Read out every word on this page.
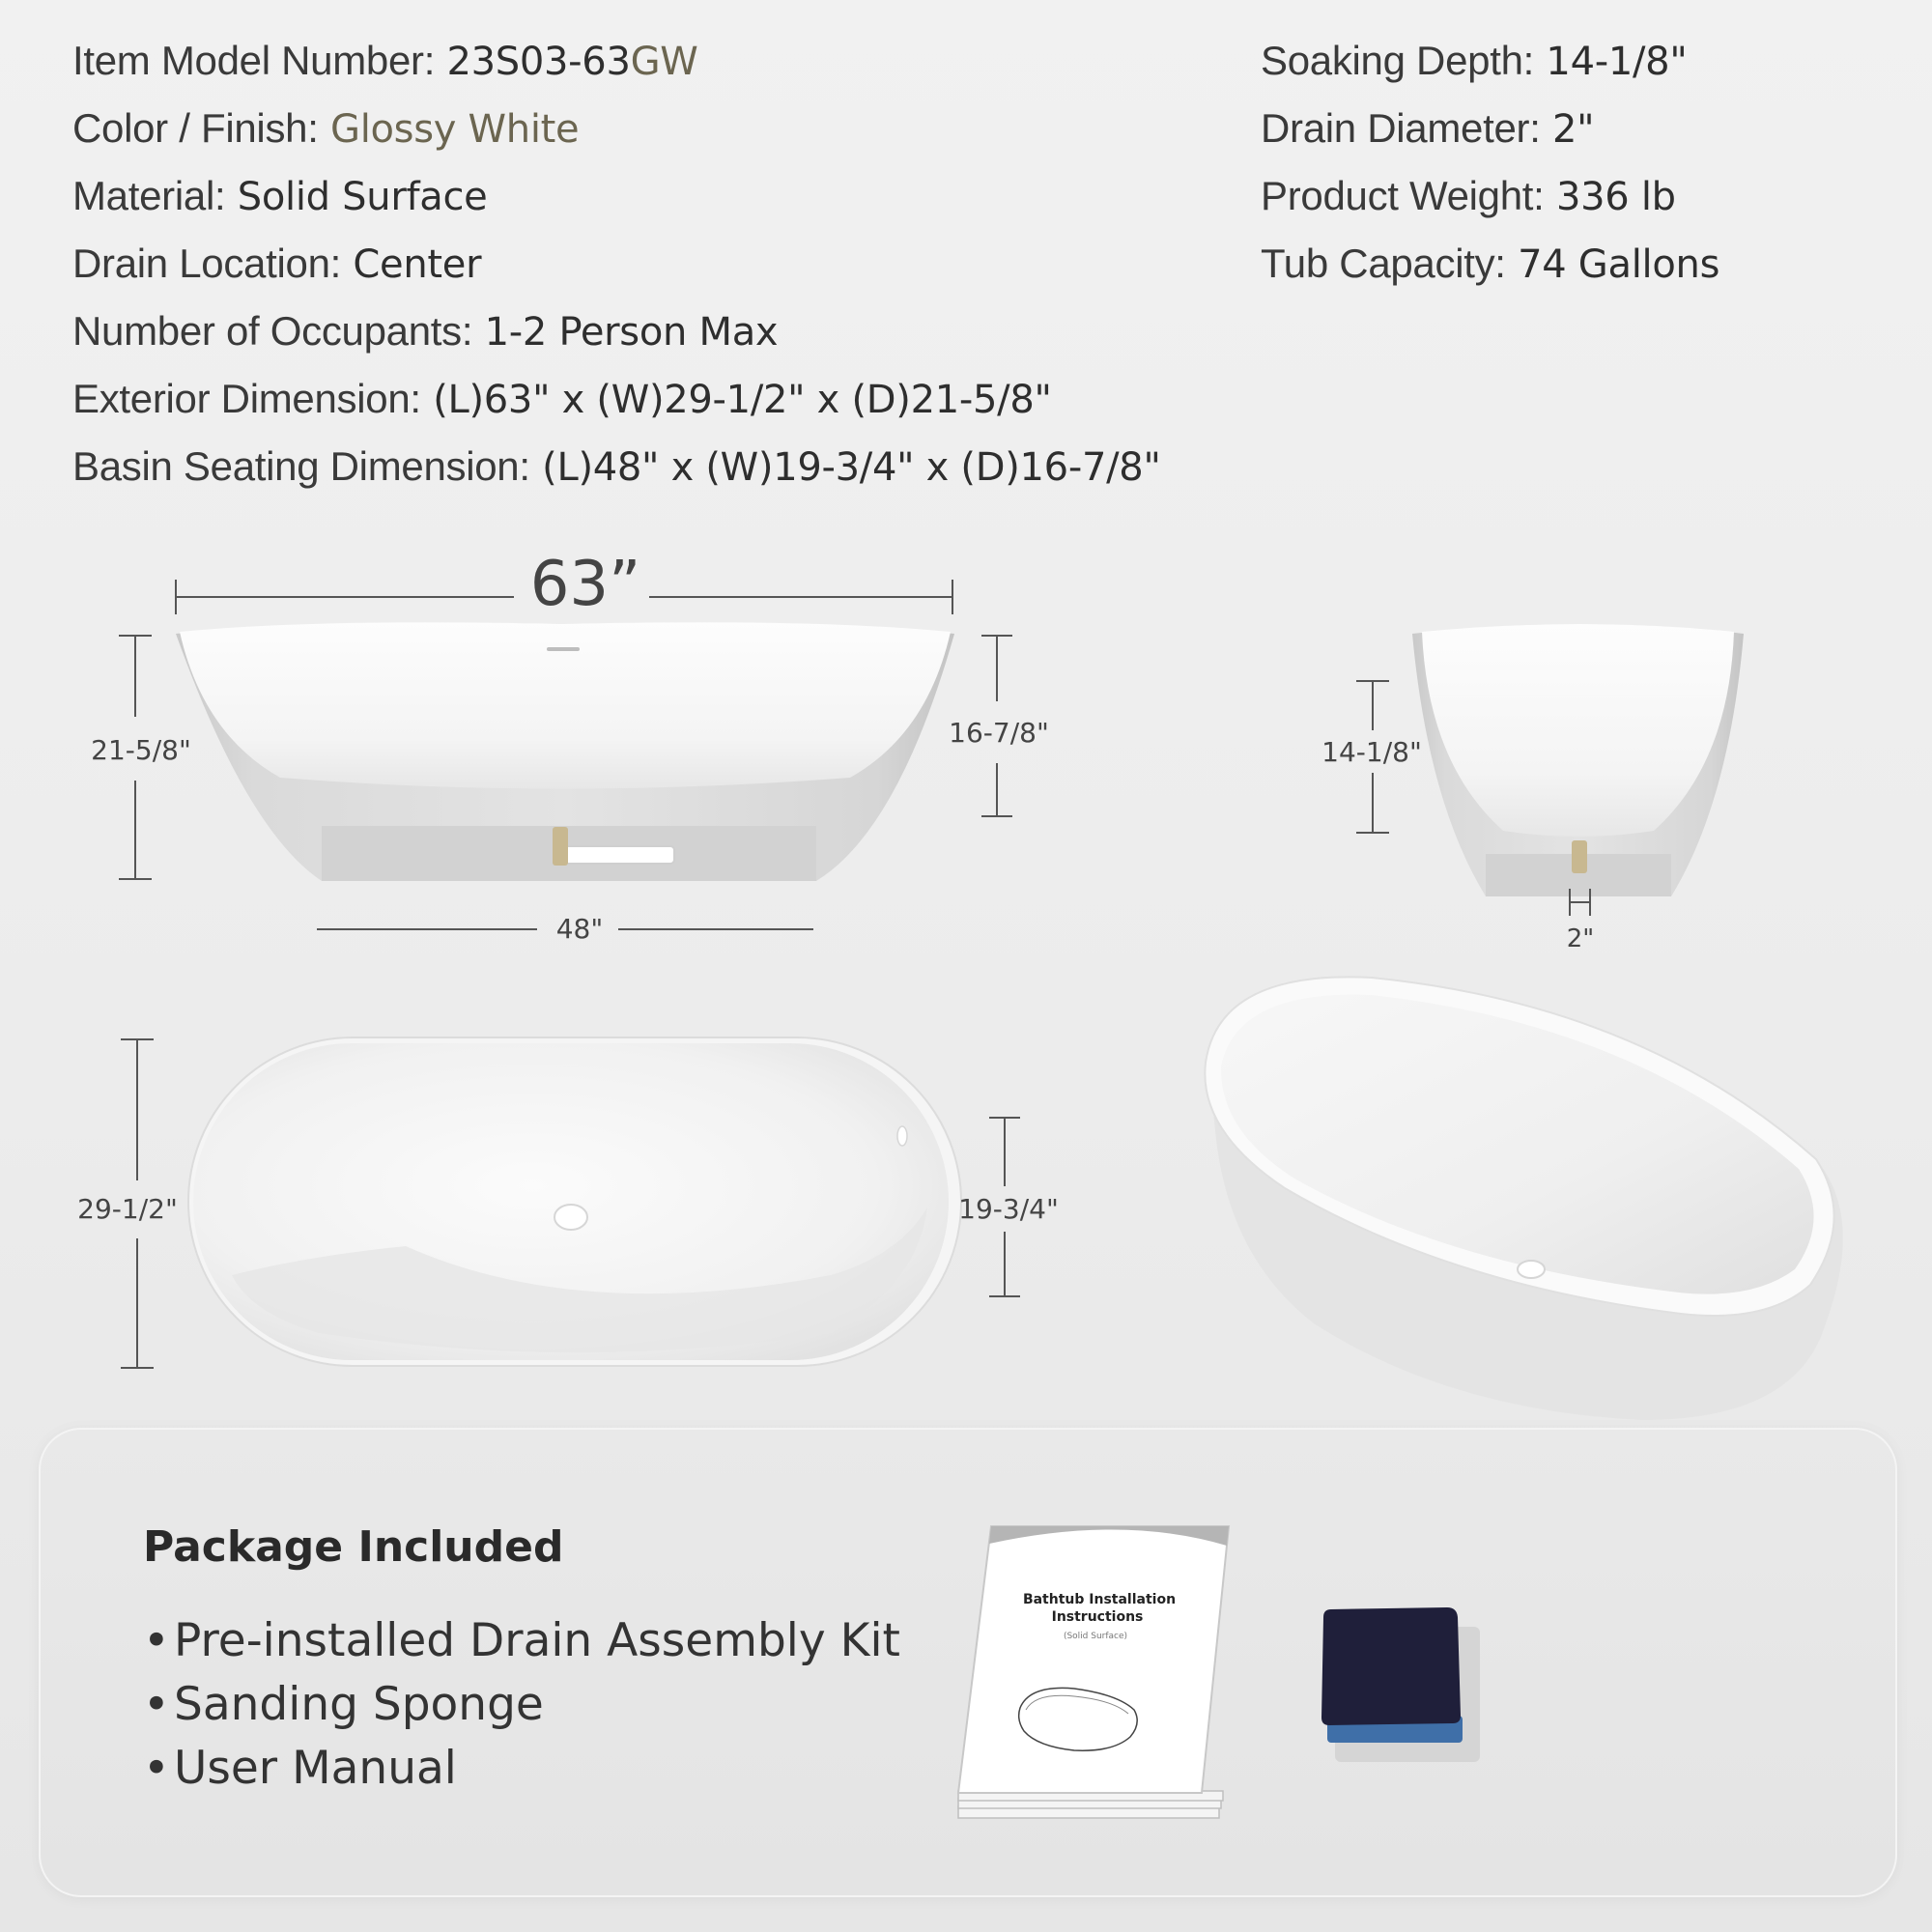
Item Model Number: 23S03-63GW
Color / Finish: Glossy White
Material: Solid Surface
Drain Location: Center
Number of Occupants: 1-2 Person Max
Exterior Dimension: (L)63" x (W)29-1/2" x (D)21-5/8"
Basin Seating Dimension: (L)48" x (W)19-3/4" x (D)16-7/8"
Soaking Depth: 14-1/8"
Drain Diameter: 2"
Product Weight: 336 lb
Tub Capacity: 74 Gallons
63”
21-5/8"
16-7/8"
48"
14-1/8"
2"
29-1/2"	19-3/4"
Package Included
•Pre-installed Drain Assembly Kit
•Sanding Sponge
•User Manual
Bathtub Installation
Instructions
(Solid Surface)
